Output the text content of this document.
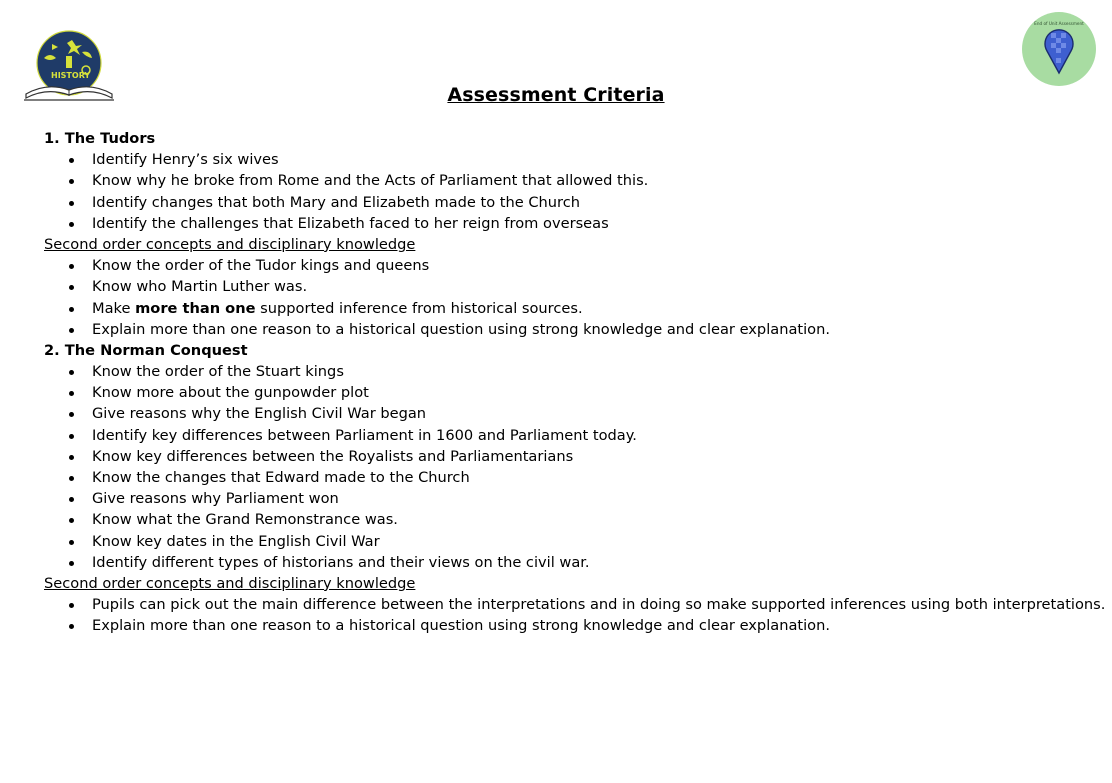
HISTORY
End of Unit Assessment
Assessment Criteria
1. The Tudors
Identify Henry’s six wives
Know why he broke from Rome and the Acts of Parliament that allowed this.
Identify changes that both Mary and Elizabeth made to the Church
Identify the challenges that Elizabeth faced to her reign from overseas
Second order concepts and disciplinary knowledge
Know the order of the Tudor kings and queens
Know who Martin Luther was.
Make more than one supported inference from historical sources.
Explain more than one reason to a historical question using strong knowledge and clear explanation.
2. The Norman Conquest
Know the order of the Stuart kings
Know more about the gunpowder plot
Give reasons why the English Civil War began
Identify key differences between Parliament in 1600 and Parliament today.
Know key differences between the Royalists and Parliamentarians
Know the changes that Edward made to the Church
Give reasons why Parliament won
Know what the Grand Remonstrance was.
Know key dates in the English Civil War
Identify different types of historians and their views on the civil war.
Second order concepts and disciplinary knowledge
Pupils can pick out the main difference between the interpretations and in doing so make supported inferences using both interpretations.
Explain more than one reason to a historical question using strong knowledge and clear explanation.
